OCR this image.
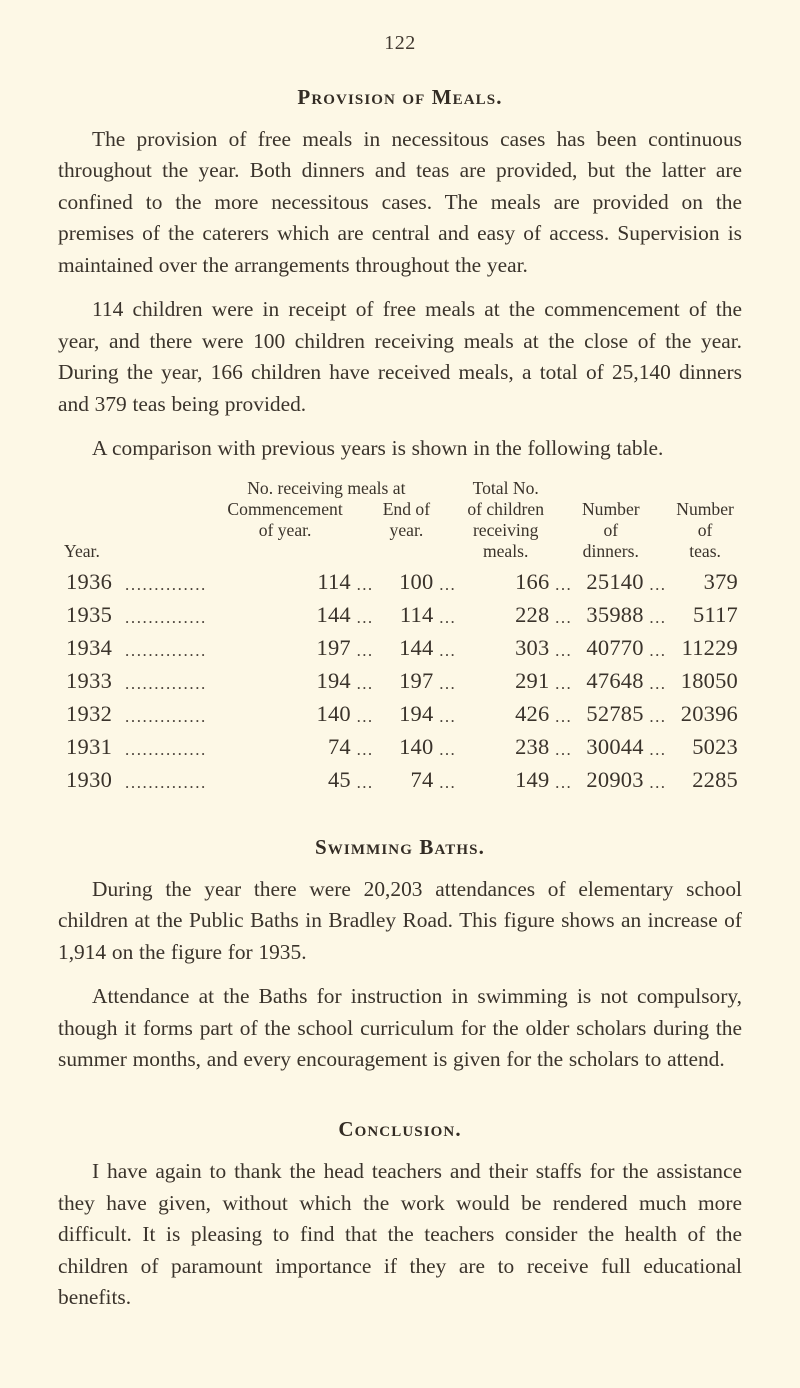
122
Provision of Meals.

The provision of free meals in necessitous cases has been continuous throughout the year. Both dinners and teas are provided, but the latter are confined to the more necessitous cases. The meals are provided on the premises of the caterers which are central and easy of access. Supervision is maintained over the arrangements throughout the year.

114 children were in receipt of free meals at the commencement of the year, and there were 100 children receiving meals at the close of the year. During the year, 166 children have received meals, a total of 25,140 dinners and 379 teas being provided.

A comparison with previous years is shown in the following table.

		No. receiving meals at				Total No.				
		Commencement		End of		of children		Number		Number
		of year.		year.		receiving		of		of
Year.						meals.		dinners.		teas.
1936	..............	114	...	100	...	166	...	25140	...	379
1935	..............	144	...	114	...	228	...	35988	...	5117
1934	..............	197	...	144	...	303	...	40770	...	11229
1933	..............	194	...	197	...	291	...	47648	...	18050
1932	..............	140	...	194	...	426	...	52785	...	20396
1931	..............	74	...	140	...	238	...	30044	...	5023
1930	..............	45	...	74	...	149	...	20903	...	2285
Swimming Baths.

During the year there were 20,203 attendances of elementary school children at the Public Baths in Bradley Road. This figure shows an increase of 1,914 on the figure for 1935.

Attendance at the Baths for instruction in swimming is not compulsory, though it forms part of the school curriculum for the older scholars during the summer months, and every encouragement is given for the scholars to attend.

Conclusion.

I have again to thank the head teachers and their staffs for the assistance they have given, without which the work would be rendered much more difficult. It is pleasing to find that the teachers consider the health of the children of paramount importance if they are to receive full educational benefits.
